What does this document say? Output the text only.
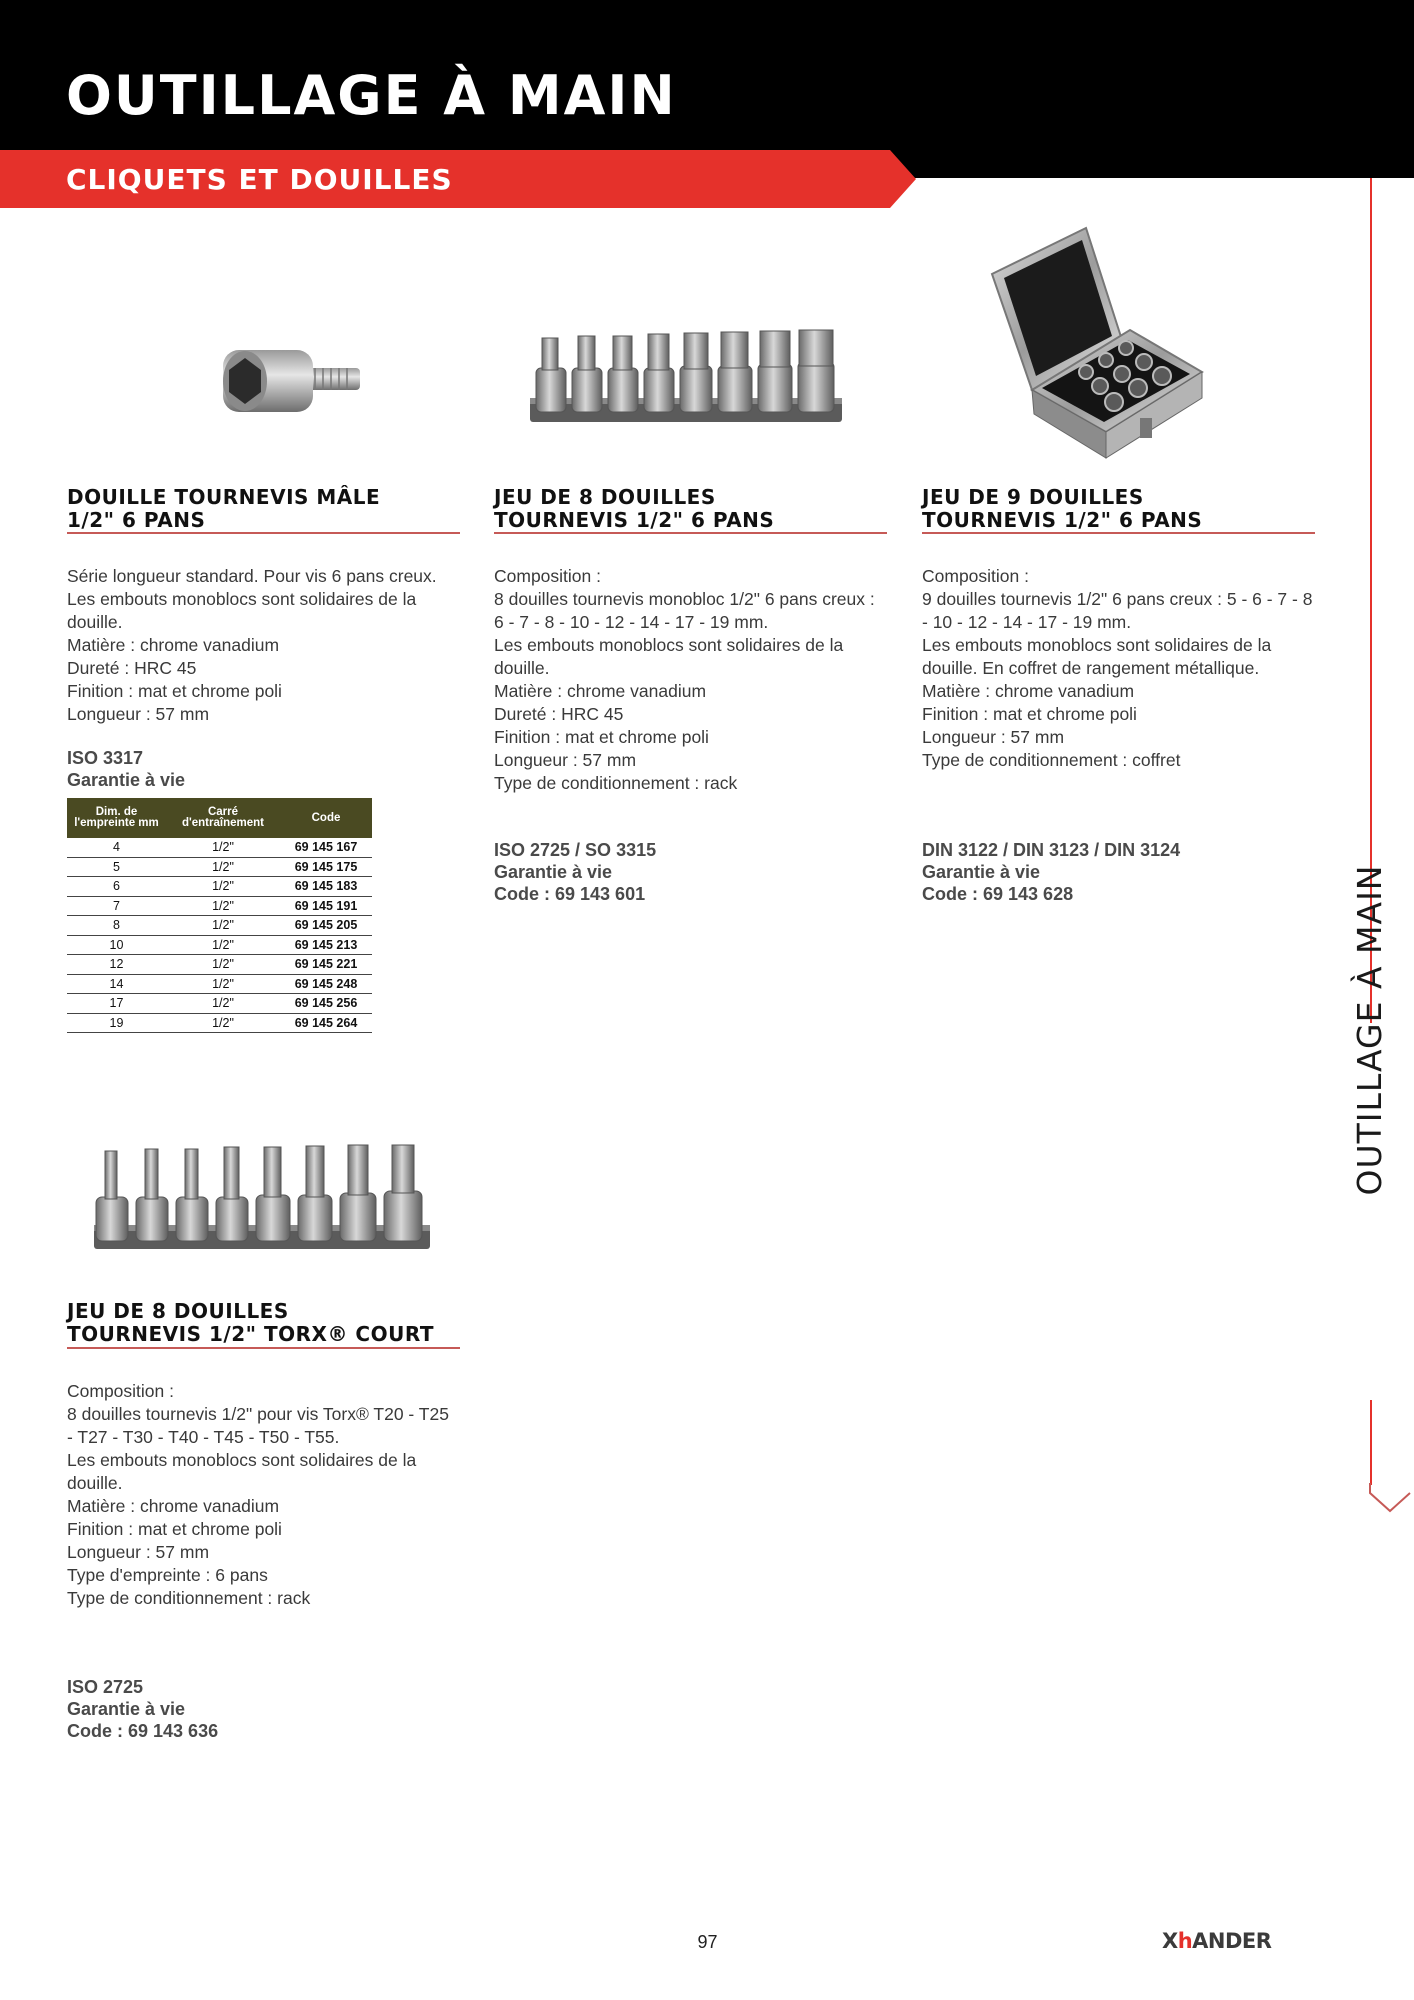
OUTILLAGE À MAIN
CLIQUETS ET DOUILLES
OUTILLAGE À MAIN
DOUILLE TOURNEVIS MÂLE
1/2" 6 PANS
Série longueur standard. Pour vis 6 pans creux.
Les embouts monoblocs sont solidaires de la
douille.
Matière : chrome vanadium
Dureté : HRC 45
Finition : mat et chrome poli
Longueur : 57 mm
ISO 3317
Garantie à vie
Dim. de l'empreinte mm	Carré d'entraînement	Code
4	1/2"	69 145 167
5	1/2"	69 145 175
6	1/2"	69 145 183
7	1/2"	69 145 191
8	1/2"	69 145 205
10	1/2"	69 145 213
12	1/2"	69 145 221
14	1/2"	69 145 248
17	1/2"	69 145 256
19	1/2"	69 145 264
JEU DE 8 DOUILLES
TOURNEVIS 1/2" 6 PANS
Composition :
8 douilles tournevis monobloc 1/2" 6 pans creux :
6 - 7 - 8 - 10 - 12 - 14 - 17 - 19 mm.
Les embouts monoblocs sont solidaires de la
douille.
Matière : chrome vanadium
Dureté : HRC 45
Finition : mat et chrome poli
Longueur : 57 mm
Type de conditionnement : rack
ISO 2725 / SO 3315
Garantie à vie
Code : 69 143 601
JEU DE 9 DOUILLES
TOURNEVIS 1/2" 6 PANS
Composition :
9 douilles tournevis 1/2" 6 pans creux : 5 - 6 - 7 - 8
- 10 - 12 - 14 - 17 - 19 mm.
Les embouts monoblocs sont solidaires de la
douille. En coffret de rangement métallique.
Matière : chrome vanadium
Finition : mat et chrome poli
Longueur : 57 mm
Type de conditionnement : coffret
DIN 3122 / DIN 3123 / DIN 3124
Garantie à vie
Code : 69 143 628
JEU DE 8 DOUILLES
TOURNEVIS 1/2" TORX® COURT
Composition :
8 douilles tournevis 1/2" pour vis Torx® T20 - T25
- T27 - T30 - T40 - T45 - T50 - T55.
Les embouts monoblocs sont solidaires de la
douille.
Matière : chrome vanadium
Finition : mat et chrome poli
Longueur : 57 mm
Type d'empreinte : 6 pans
Type de conditionnement : rack
ISO 2725
Garantie à vie
Code : 69 143 636
97	XhANDER
